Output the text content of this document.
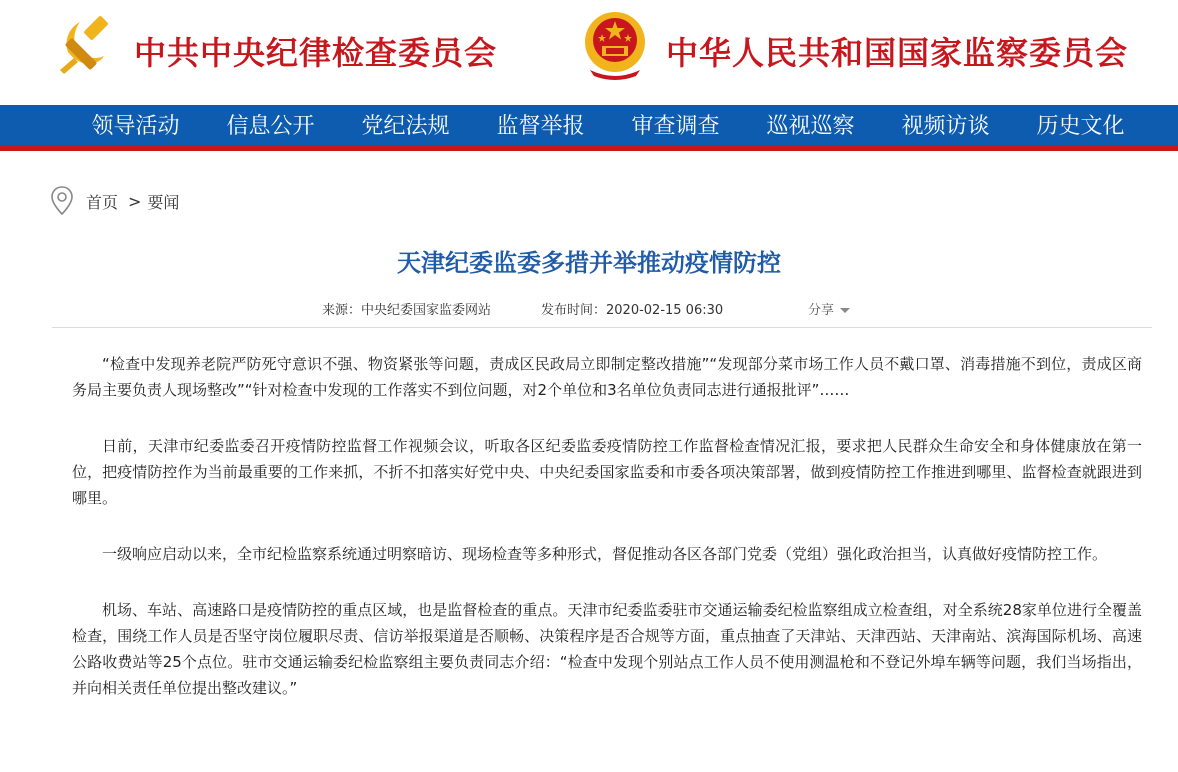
中共中央纪律检查委员会	中华人民共和国国家监察委员会
领导活动	信息公开	党纪法规	监督举报	审查调查	巡视巡察	视频访谈	历史文化
首页 > 要闻
天津纪委监委多措并举推动疫情防控
来源：中央纪委国家监委网站	发布时间：2020-02-15 06:30	分享

“检查中发现养老院严防死守意识不强、物资紧张等问题，责成区民政局立即制定整改措施”“发现部分菜市场工作人员不戴口罩、消毒措施不到位，责成区商务局主要负责人现场整改”“针对检查中发现的工作落实不到位问题，对2个单位和3名单位负责同志进行通报批评”……

日前，天津市纪委监委召开疫情防控监督工作视频会议，听取各区纪委监委疫情防控工作监督检查情况汇报，要求把人民群众生命安全和身体健康放在第一位，把疫情防控作为当前最重要的工作来抓，不折不扣落实好党中央、中央纪委国家监委和市委各项决策部署，做到疫情防控工作推进到哪里、监督检查就跟进到哪里。

一级响应启动以来，全市纪检监察系统通过明察暗访、现场检查等多种形式，督促推动各区各部门党委（党组）强化政治担当，认真做好疫情防控工作。

机场、车站、高速路口是疫情防控的重点区域，也是监督检查的重点。天津市纪委监委驻市交通运输委纪检监察组成立检查组，对全系统28家单位进行全覆盖检查，围绕工作人员是否坚守岗位履职尽责、信访举报渠道是否顺畅、决策程序是否合规等方面，重点抽查了天津站、天津西站、天津南站、滨海国际机场、高速公路收费站等25个点位。驻市交通运输委纪检监察组主要负责同志介绍：“检查中发现个别站点工作人员不使用测温枪和不登记外埠车辆等问题，我们当场指出，并向相关责任单位提出整改建议。”
